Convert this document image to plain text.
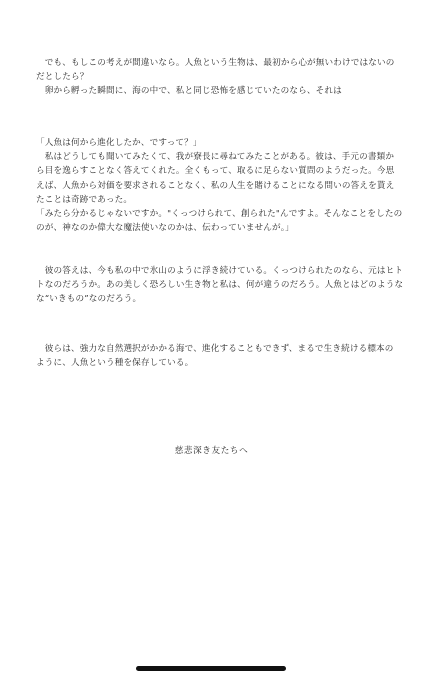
　でも、もしこの考えが間違いなら。人魚という生物は、最初から心が無いわけではないの
だとしたら？
　卵から孵った瞬間に、海の中で、私と同じ恐怖を感じていたのなら、それは
「人魚は何から進化したか、ですって？」
　私はどうしても聞いてみたくて、我が寮長に尋ねてみたことがある。彼は、手元の書類か
ら目を逸らすことなく答えてくれた。全くもって、取るに足らない質問のようだった。今思
えば、人魚から対価を要求されることなく、私の人生を賭けることになる問いの答えを貰え
たことは奇跡であった。
「みたら分かるじゃないですか。"くっつけられて、創られた"んですよ。そんなことをしたの
のが、神なのか偉大な魔法使いなのかは、伝わっていませんが。」
　彼の答えは、今も私の中で氷山のように浮き続けている。くっつけられたのなら、元はヒト
トなのだろうか。あの美しく恐ろしい生き物と私は、何が違うのだろう。人魚とはどのような
な“いきもの”なのだろう。
　彼らは、強力な自然選択がかかる海で、進化することもできず、まるで生き続ける標本の
ように、人魚という種を保存している。
慈悲深き友たちへ
